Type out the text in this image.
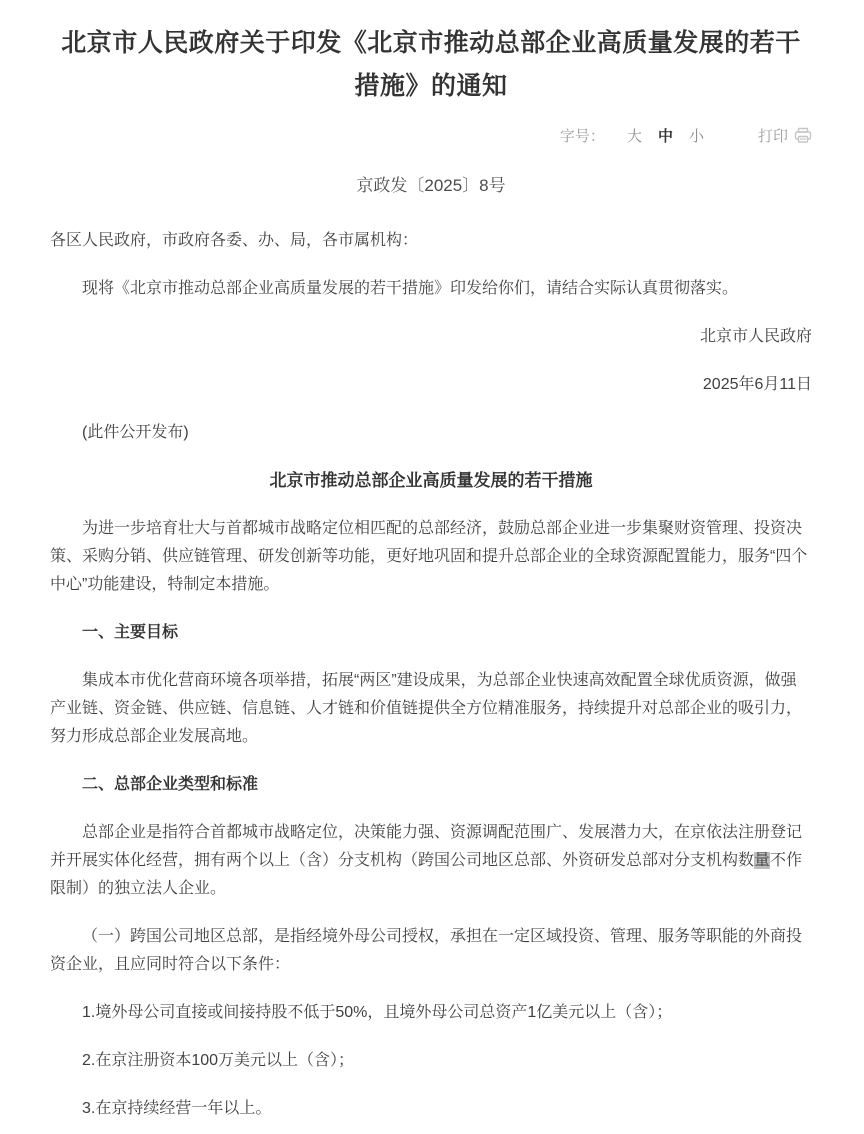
北京市人民政府关于印发《北京市推动总部企业高质量发展的若干措施》的通知
字号： 大 中 小	打印
京政发〔2025〕8号

各区人民政府，市政府各委、办、局，各市属机构：

现将《北京市推动总部企业高质量发展的若干措施》印发给你们，请结合实际认真贯彻落实。

北京市人民政府

2025年6月11日

(此件公开发布)

北京市推动总部企业高质量发展的若干措施

为进一步培育壮大与首都城市战略定位相匹配的总部经济，鼓励总部企业进一步集聚财资管理、投资决策、采购分销、供应链管理、研发创新等功能，更好地巩固和提升总部企业的全球资源配置能力，服务“四个中心”功能建设，特制定本措施。

一、主要目标

集成本市优化营商环境各项举措，拓展“两区”建设成果，为总部企业快速高效配置全球优质资源，做强产业链、资金链、供应链、信息链、人才链和价值链提供全方位精准服务，持续提升对总部企业的吸引力，努力形成总部企业发展高地。

二、总部企业类型和标准

总部企业是指符合首都城市战略定位，决策能力强、资源调配范围广、发展潜力大，在京依法注册登记并开展实体化经营，拥有两个以上（含）分支机构（跨国公司地区总部、外资研发总部对分支机构数量不作限制）的独立法人企业。

（一）跨国公司地区总部，是指经境外母公司授权，承担在一定区域投资、管理、服务等职能的外商投资企业，且应同时符合以下条件：

1.境外母公司直接或间接持股不低于50%，且境外母公司总资产1亿美元以上（含）；

2.在京注册资本100万美元以上（含）；

3.在京持续经营一年以上。
